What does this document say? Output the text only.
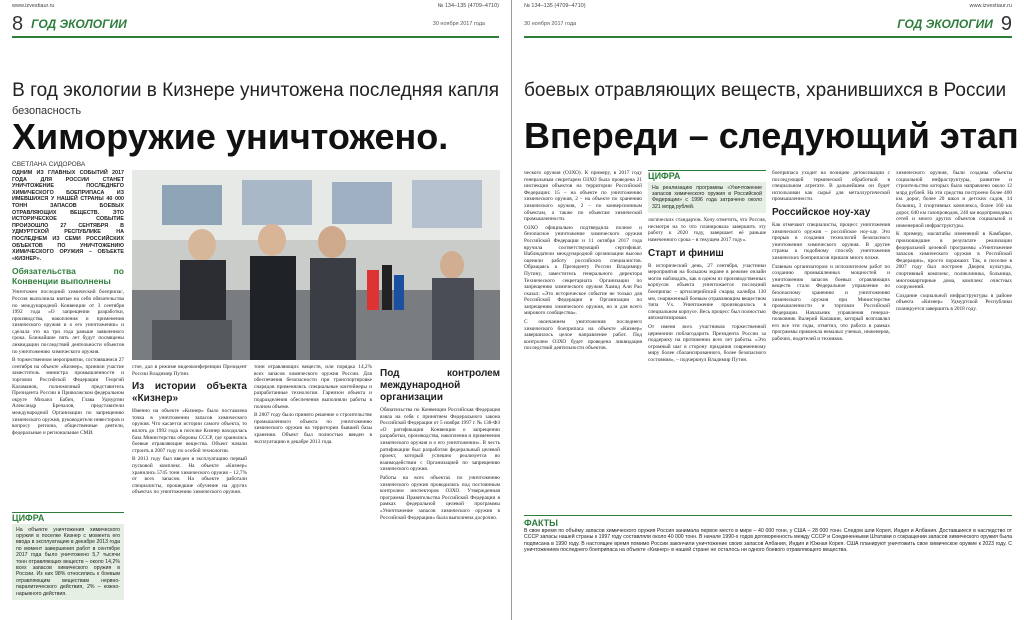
www.izvestiaur.ru	№ 134–135 (4709–4710)
8 ГОД ЭКОЛОГИИ	30 ноября 2017 года
В год экологии в Кизнере уничтожена последняя капля
безопасность
Химоружие уничтожено.
СВЕТЛАНА СИДОРОВА

ОДНИМ ИЗ ГЛАВНЫХ СОБЫТИЙ 2017 ГОДА ДЛЯ РОССИИ СТАНЕТ УНИЧТОЖЕНИЕ ПОСЛЕДНЕГО ХИМИЧЕСКОГО БОЕПРИПАСА ИЗ ИМЕВШИХСЯ У НАШЕЙ СТРАНЫ 40 000 ТОНН ЗАПАСОВ БОЕВЫХ ОТРАВЛЯЮЩИХ ВЕЩЕСТВ. ЭТО ИСТОРИЧЕСКОЕ СОБЫТИЕ ПРОИЗОШЛО 27 СЕНТЯБРЯ В УДМУРТСКОЙ РЕСПУБЛИКЕ НА ПОСЛЕДНЕМ ИЗ СЕМИ РОССИЙСКИХ ОБЪЕКТОВ ПО УНИЧТОЖЕНИЮ ХИМИЧЕСКОГО ОРУЖИЯ – ОБЪЕКТЕ «КИЗНЕР».

Обязательства по Конвенции выполнены

Уничтожен последний химический боеприпас, Россия выполнила взятые на себя обязательства по международной Конвенции от 3 сентября 1992 года «О запрещении разработки, производства, накопления и применения химического оружия и о его уничтожении» и сделала это на три года раньше заявленного срока. Ближайшие пять лет будут посвящены ликвидации последствий деятельности объектов по уничтожению химического оружия.

В торжественном мероприятии, состоявшемся 27 сентября на объекте «Кизнер», приняли участие заместитель министра промышленности и торговли Российской Федерации Георгий Каламанов, полномочный представитель Президента России в Приволжском федеральном округе Михаил Бабич, Глава Удмуртии Александр Бречалов, представители международной Организации по запрещению химического оружия, руководители инвесторов и вопросу региона, общественные деятели, федеральные и региональные СМИ.

стое, дал в режиме видеоконференции Президент России Владимир Путин.

Из истории объекта «Кизнер»

Именно на объекте «Кизнер» было поставлена точка в уничтожении запасов химического оружия. Что касается истории самого объекта, то вплоть до 1992 года в поселке Кизнер находилась база Министерства обороны СССР, где хранились боевые отравляющие вещества. Объект начали строить в 2007 году по особой технологии.

В 2013 году был введен в эксплуатацию первый пусковой комплекс. На объекте «Кизнер» хранились 5745 тонн химического оружия – 12,7% от всех запасов. На объекте работали специалисты, прошедшие обучение на других объектах по уничтожению химического оружия.

тонн отравляющих веществ, или порядка 14,2% всех запасов химического оружия России. Для обеспечения безопасности при транспортировке снарядов применялись специальные контейнеры и разработанные технологии. Гарнизон объекта и подразделения обеспечения выполняли работы в полном объеме.

В 2007 году было принято решение о строительстве промышленного объекта по уничтожению химического оружия на территории бывшей базы хранения. Объект был полностью введен в эксплуатацию в декабре 2013 года.

Под контролем международной организации

Обязательства по Конвенции Российская Федерация взяла на себя с принятием Федерального закона Российской Федерации от 5 ноября 1997 г. № 138-ФЗ «О ратификации Конвенции о запрещении разработки, производства, накопления и применения химического оружия и о его уничтожении». В честь ратификации был разработан федеральный целевой проект, который успешно реализуется во взаимодействии с Организацией по запрещению химического оружия.

Работы на всех объектах по уничтожению химического оружия проводились под постоянным контролем инспекторов ОЗХО. Утвержденная программа Правительства Российской Федерации в рамках федеральной целевой программы «Уничтожение запасов химического оружия в Российской Федерации» была выполнена досрочно.

ЦИФРА
На объекте уничтожения химического оружия в поселке Кизнер с момента его ввода в эксплуатацию в декабре 2013 года по момент завершения работ в сентябре 2017 года было уничтожено 5,7 тысячи тонн отравляющих веществ – около 14,2% всех запасов химического оружия в России. Из них 98% относились к боевым отравляющим веществам нервно-паралитического действия, 2% – кожно-нарывного действия.
№ 134–135 (4709–4710)	www.izvestiaur.ru
30 ноября 2017 года	ГОД ЭКОЛОГИИ 9
боевых отравляющих веществ, хранившихся в России
Впереди – следующий этап

ческого оружия (ОЗХО). К примеру, в 2017 году генеральным секретарем ОЗХО была проведена 21 инспекция объектов на территории Российской Федерации: 15 – на объекте по уничтожению химического оружия, 2 – на объекте по хранению химического оружия, 2 – по конверсионным объектам, а также по объектам химической промышленности.

ОЗХО официально подтвердила полное и безопасное уничтожение химического оружия Российской Федерации и 11 октября 2017 года вручила соответствующий сертификат. Наблюдатели международной организации высоко оценили работу российских специалистов. Обращаясь к Президенту России Владимиру Путину, заместитель генерального директора Технического секретариата Организации по запрещению химического оружия Хамид Али Рао сказал: «Это историческое событие не только для Российской Федерации и Организации по запрещению химического оружия, но и для всего мирового сообщества».

С окончанием уничтожения последнего химического боеприпаса на объекте «Кизнер» завершилось целое направление работ. Под контролем ОЗХО будет проведена ликвидация последствий деятельности объектов.

ЦИФРА
На реализацию программы «Уничтожение запасов химического оружия в Российской Федерации» с 1996 года затрачено около 321 млрд рублей.

логических стандартов. Хочу отметить, что Россия, несмотря на то что планировала завершить эту работу к 2020 году, завершает её раньше намеченного срока – в текущем 2017 году».

Старт и финиш

В исторический день, 27 сентября, участники мероприятия на большом экране в режиме онлайн могли наблюдать, как в одном из производственных корпусов объекта уничтожается последний боеприпас – артиллерийский снаряд калибра 130 мм, снаряженный боевым отравляющим веществом типа Vx. Уничтожение производилось в специальном корпусе. Весь процесс был полностью автоматизирован.

От имени всех участников торжественной церемонии поблагодарить Президента России за поддержку на протяжении всех лет работы. «Это огромный шаг в сторону придания современному миру более сбалансированного, более безопасного состояния», – подчеркнул Владимир Путин.

боеприпаса уходит на позицию детоксикации с последующей термической обработкой в специальном агрегате. В дальнейшем он будет использован как сырьё для металлургической промышленности.

Российское ноу-хау

Как отмечают специалисты, процесс уничтожения химического оружия – российское ноу-хау. Это прорыв в создании технологий безопасного уничтожения химического оружия. В другие страны к подобному способу уничтожения химических боеприпасов пришли много позже.

Главным организатором и исполнителем работ по созданию промышленных мощностей и уничтожению запасов боевых отравляющих веществ стало Федеральное управление по безопасному хранению и уничтожению химического оружия при Министерстве промышленности и торговли Российской Федерации. Начальник управления генерал-полковник Валерий Капашин, который возглавлял его все эти годы, отметил, что работа в рамках программы привлекла немалых ученых, инженеров, рабочих, водителей и техников.

химического оружия, были созданы объекты социальной инфраструктуры, развитие и строительство которых было направлено около 12 млрд рублей. На эти средства построено более 400 км. дорог, более 20 школ и детских садов, 14 больниц, 3 спортивных комплекса, более 160 км дорог, 640 км газопроводов, 240 км водопроводных сетей и много других объектов социальной и инженерной инфраструктуры.

К примеру, масштабы изменений в Камбарке, произошедшие в результате реализации федеральной целевой программы «Уничтожение запасов химического оружия в Российской Федерации», просто поражают. Так, в поселке в 2007 году был построен Дворец культуры, спортивный комплекс, поликлиника, больница, многоквартирные дома, комплекс очистных сооружений.

Создание социальной инфраструктуры в районе объекта «Кизнер» Удмуртской Республики планируется завершить в 2018 году.

ФАКТЫ
В свое время по объёму запасов химического оружия Россия занимала первое место в мире – 40 000 тонн, у США – 28 000 тонн. Следом шли Корея, Индия и Албания. Доставшиеся в наследство от СССР запасы нашей страны к 1997 году составляли около 40 000 тонн. В начале 1990-х годов договоренность между СССР и Соединенными Штатами о сокращении запасов химического оружия была подписана в 1990 году. В настоящее время помимо России закончили уничтожение своих запасов Албания, Индия и Южная Корея. США планируют уничтожить свое химическое оружие к 2023 году. С уничтожением последнего боеприпаса на объекте «Кизнер» в нашей стране не осталось ни одного боевого отравляющего вещества.
